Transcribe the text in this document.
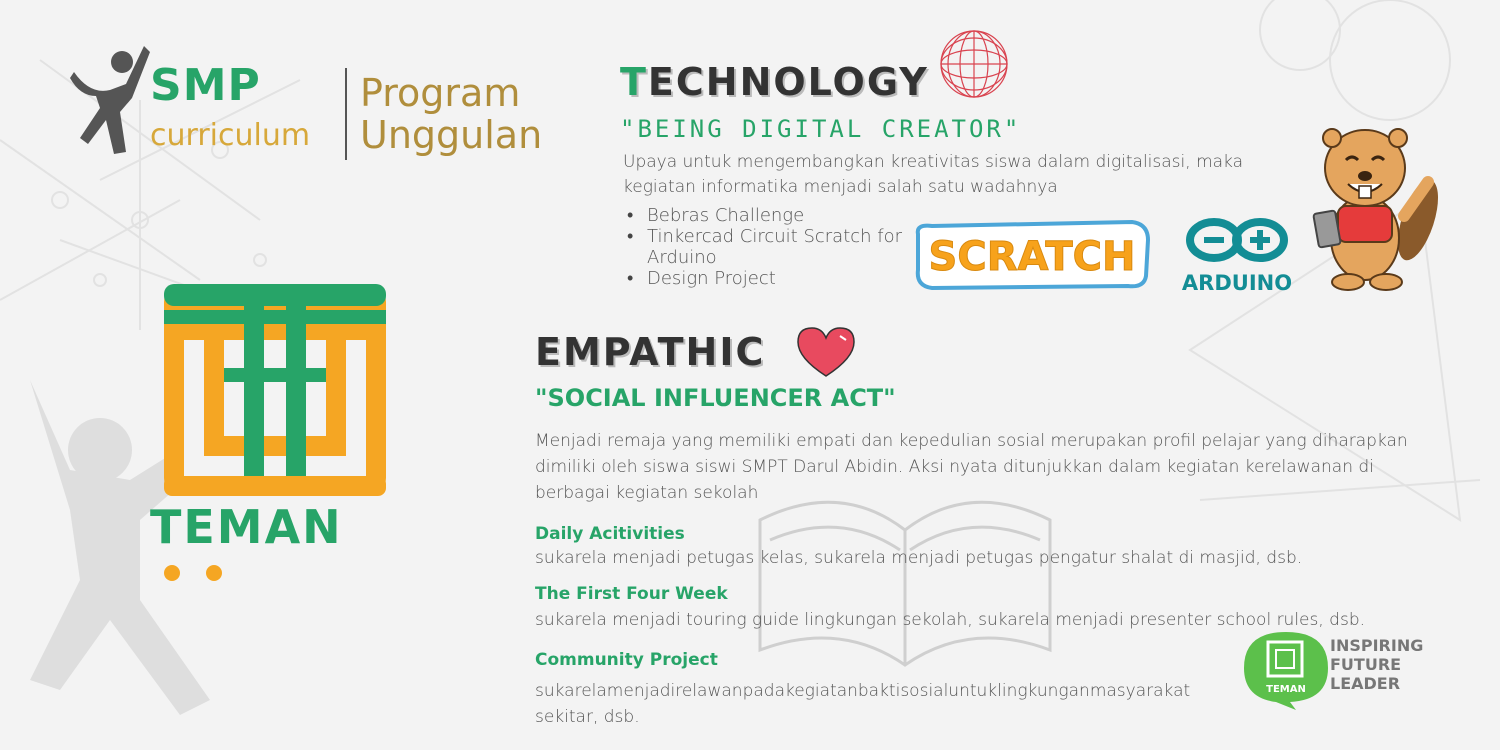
SMP
curriculum
Program
Unggulan
TEMAN
TECHNOLOGY
"BEING DIGITAL CREATOR"
Upaya untuk mengembangkan kreativitas siswa dalam digitalisasi, maka kegiatan informatika menjadi salah satu wadahnya
• Bebras Challenge
• Tinkercad Circuit Scratch for Arduino
• Design Project	SCRATCH
ARDUINO
EMPATHIC
"SOCIAL INFLUENCER ACT"
Menjadi remaja yang memiliki empati dan kepedulian sosial merupakan profil pelajar yang diharapkan dimiliki oleh siswa siswi SMPT Darul Abidin. Aksi nyata ditunjukkan dalam kegiatan kerelawanan di berbagai kegiatan sekolah
Daily Acitivities
sukarela menjadi petugas kelas, sukarela menjadi petugas pengatur shalat di masjid, dsb.
The First Four Week
sukarela menjadi touring guide lingkungan sekolah, sukarela menjadi presenter school rules, dsb.
Community Project
sukarelamenjadirelawanpadakegiatanbaktisosialuntuklingkunganmasyarakat sekitar, dsb.
TEMAN
INSPIRING
FUTURE
LEADER
